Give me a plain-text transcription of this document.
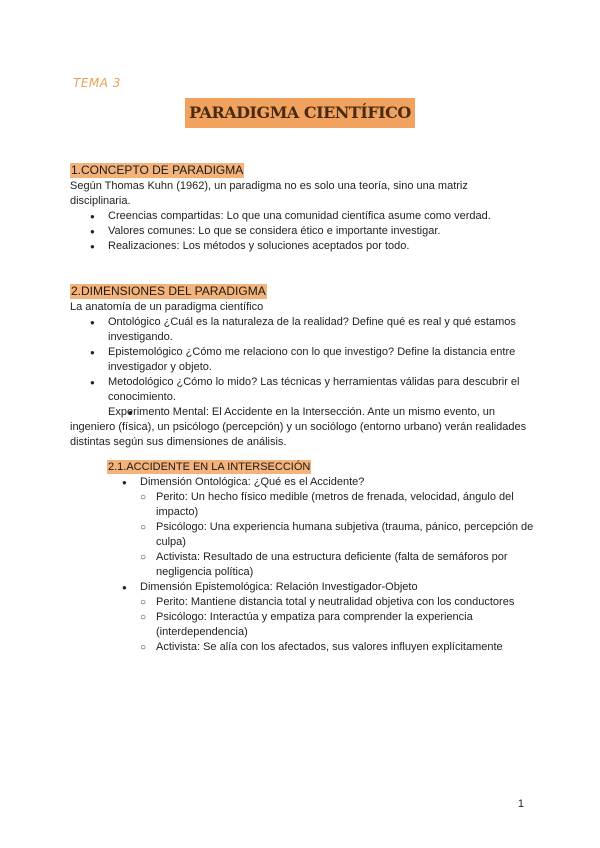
TEMA 3
PARADIGMA CIENTÍFICO
1.CONCEPTO DE PARADIGMA

Según Thomas Kuhn (1962), un paradigma no es solo una teoría, sino una matriz disciplinaria.

● Creencias compartidas: Lo que una comunidad científica asume como verdad.
● Valores comunes: Lo que se considera ético e importante investigar.
● Realizaciones: Los métodos y soluciones aceptados por todo.
2.DIMENSIONES DEL PARADIGMA

La anatomía de un paradigma científico

● Ontológico ¿Cuál es la naturaleza de la realidad? Define qué es real y qué estamos investigando.
● Epistemológico ¿Cómo me relaciono con lo que investigo? Define la distancia entre investigador y objeto.
● Metodológico ¿Cómo lo mido? Las técnicas y herramientas válidas para descubrir el conocimiento.
● Experimento Mental: El Accidente en la Intersección. Ante un mismo evento, un ingeniero (física), un psicólogo (percepción) y un sociólogo (entorno urbano) verán realidades distintas según sus dimensiones de análisis.
2.1.ACCIDENTE EN LA INTERSECCIÓN
● Dimensión Ontológica: ¿Qué es el Accidente?
○ Perito: Un hecho físico medible (metros de frenada, velocidad, ángulo del impacto)
○ Psicólogo: Una experiencia humana subjetiva (trauma, pánico, percepción de culpa)
○ Activista: Resultado de una estructura deficiente (falta de semáforos por negligencia política)
● Dimensión Epistemológica: Relación Investigador-Objeto
○ Perito: Mantiene distancia total y neutralidad objetiva con los conductores
○ Psicólogo: Interactúa y empatiza para comprender la experiencia (interdependencia)
○ Activista: Se alía con los afectados, sus valores influyen explícitamente
1
